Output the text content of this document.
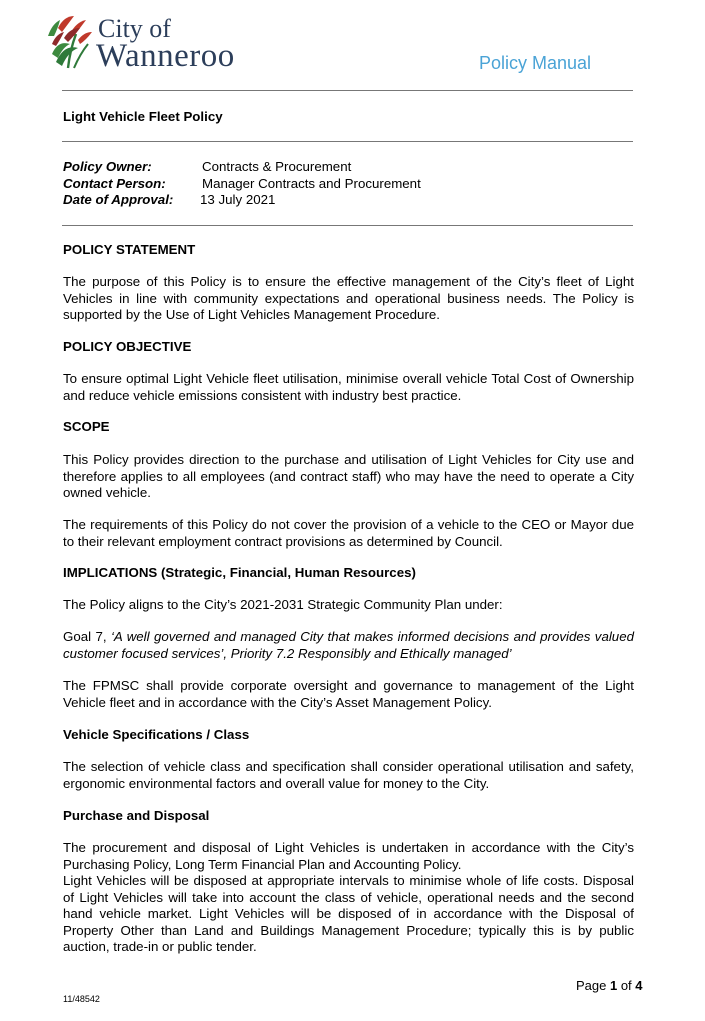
City of
Wanneroo	Policy Manual
Light Vehicle Fleet Policy
Policy Owner:	Contracts & Procurement
Contact Person:	Manager Contracts and Procurement
Date of Approval: 13 July 2021
POLICY STATEMENT
The purpose of this Policy is to ensure the effective management of the City’s fleet of Light Vehicles in line with community expectations and operational business needs. The Policy is supported by the Use of Light Vehicles Management Procedure.
POLICY OBJECTIVE
To ensure optimal Light Vehicle fleet utilisation, minimise overall vehicle Total Cost of Ownership and reduce vehicle emissions consistent with industry best practice.
SCOPE
This Policy provides direction to the purchase and utilisation of Light Vehicles for City use and therefore applies to all employees (and contract staff) who may have the need to operate a City owned vehicle.
The requirements of this Policy do not cover the provision of a vehicle to the CEO or Mayor due to their relevant employment contract provisions as determined by Council.
IMPLICATIONS (Strategic, Financial, Human Resources)
The Policy aligns to the City’s 2021-2031 Strategic Community Plan under:
Goal 7, ‘A well governed and managed City that makes informed decisions and provides valued customer focused services’, Priority 7.2 Responsibly and Ethically managed’
The FPMSC shall provide corporate oversight and governance to management of the Light Vehicle fleet and in accordance with the City’s Asset Management Policy.
Vehicle Specifications / Class
The selection of vehicle class and specification shall consider operational utilisation and safety, ergonomic environmental factors and overall value for money to the City.
Purchase and Disposal
The procurement and disposal of Light Vehicles is undertaken in accordance with the City’s Purchasing Policy, Long Term Financial Plan and Accounting Policy.
Light Vehicles will be disposed at appropriate intervals to minimise whole of life costs. Disposal of Light Vehicles will take into account the class of vehicle, operational needs and the second hand vehicle market. Light Vehicles will be disposed of in accordance with the Disposal of Property Other than Land and Buildings Management Procedure; typically this is by public auction, trade-in or public tender.
Page 1 of 4
11/48542
